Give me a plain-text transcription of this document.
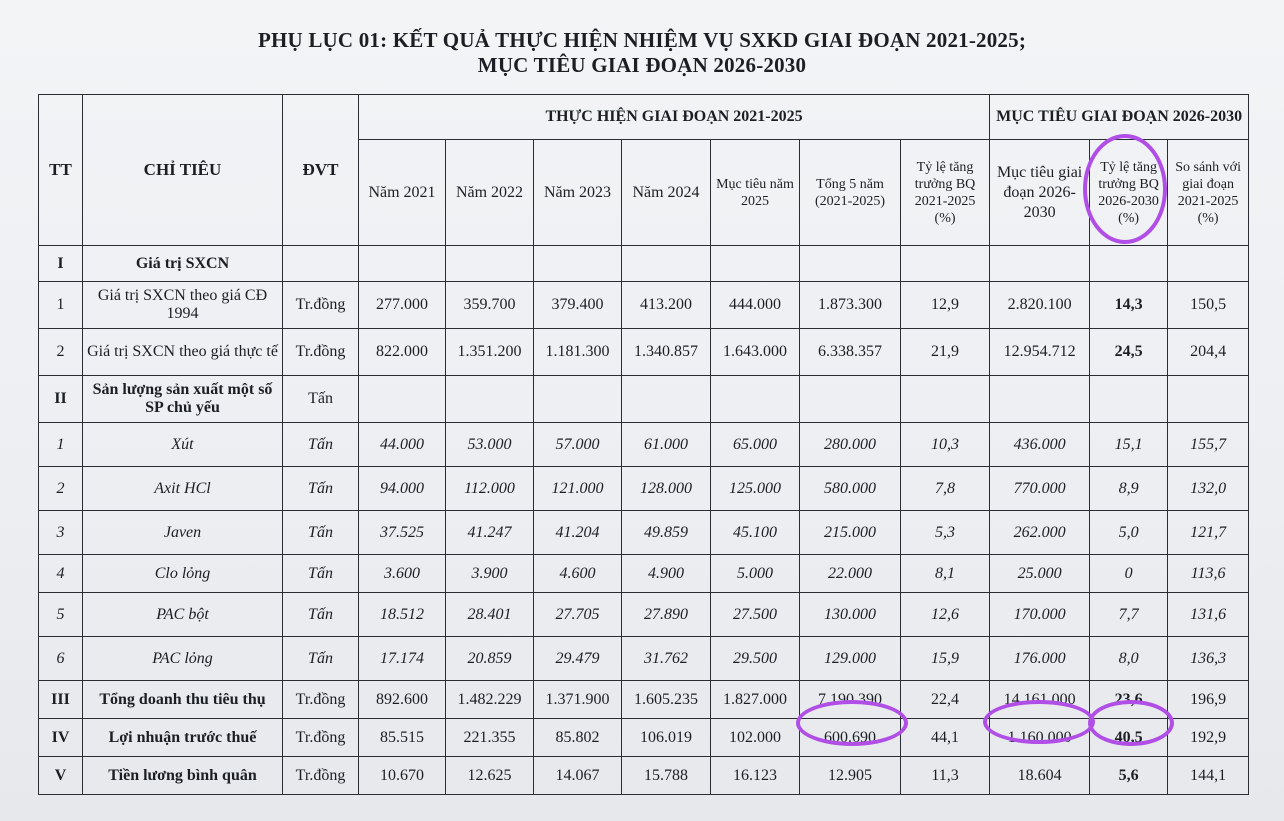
PHỤ LỤC 01: KẾT QUẢ THỰC HIỆN NHIỆM VỤ SXKD GIAI ĐOẠN 2021-2025;
MỤC TIÊU GIAI ĐOẠN 2026-2030
TT	CHỈ TIÊU	ĐVT	THỰC HIỆN GIAI ĐOẠN 2021-2025							MỤC TIÊU GIAI ĐOẠN 2026-2030		
			Năm 2021	Năm 2022	Năm 2023	Năm 2024	Mục tiêu năm 2025	Tổng 5 năm (2021-2025)	Tỷ lệ tăng trưởng BQ 2021-2025 (%)	Mục tiêu giai đoạn 2026-2030	Tỷ lệ tăng trưởng BQ 2026-2030 (%)	So sánh với giai đoạn 2021-2025 (%)
I	Giá trị SXCN											
1	Giá trị SXCN theo giá CĐ 1994	Tr.đồng	277.000	359.700	379.400	413.200	444.000	1.873.300	12,9	2.820.100	14,3	150,5
2	Giá trị SXCN theo giá thực tế	Tr.đồng	822.000	1.351.200	1.181.300	1.340.857	1.643.000	6.338.357	21,9	12.954.712	24,5	204,4
II	Sản lượng sản xuất một số SP chủ yếu	Tấn										
1	Xút	Tấn	44.000	53.000	57.000	61.000	65.000	280.000	10,3	436.000	15,1	155,7
2	Axit HCl	Tấn	94.000	112.000	121.000	128.000	125.000	580.000	7,8	770.000	8,9	132,0
3	Javen	Tấn	37.525	41.247	41.204	49.859	45.100	215.000	5,3	262.000	5,0	121,7
4	Clo lỏng	Tấn	3.600	3.900	4.600	4.900	5.000	22.000	8,1	25.000	0	113,6
5	PAC bột	Tấn	18.512	28.401	27.705	27.890	27.500	130.000	12,6	170.000	7,7	131,6
6	PAC lỏng	Tấn	17.174	20.859	29.479	31.762	29.500	129.000	15,9	176.000	8,0	136,3
III	Tổng doanh thu tiêu thụ	Tr.đồng	892.600	1.482.229	1.371.900	1.605.235	1.827.000	7.190.390	22,4	14.161.000	23,6	196,9
IV	Lợi nhuận trước thuế	Tr.đồng	85.515	221.355	85.802	106.019	102.000	600.690	44,1	1.160.000	40,5	192,9
V	Tiền lương bình quân	Tr.đồng	10.670	12.625	14.067	15.788	16.123	12.905	11,3	18.604	5,6	144,1
